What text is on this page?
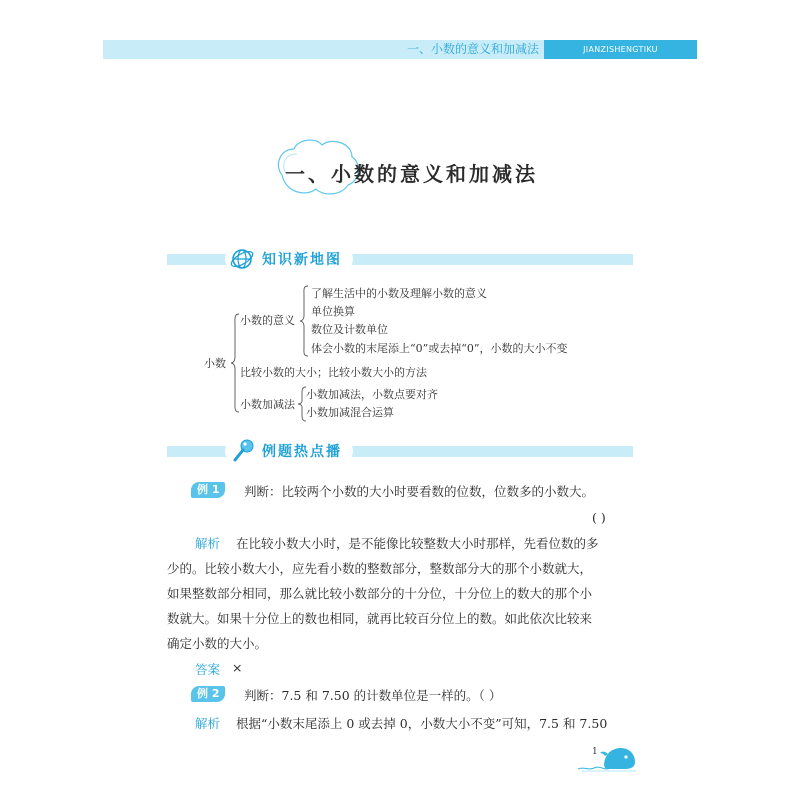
一、小数的意义和加减法	JIANZISHENGTIKU
一、小数的意义和加减法
知识新地图
小数
小数的意义
了解生活中的小数及理解小数的意义
单位换算
数位及计数单位
体会小数的末尾添上“0”或去掉“0”，小数的大小不变
比较小数的大小；比较小数大小的方法
小数加减法
小数加减法，小数点要对齐
小数加减混合运算
例题热点播
例 1	判断：比较两个小数的大小时要看数的位数，位数多的小数大。
( )
解析 在比较小数大小时，是不能像比较整数大小时那样，先看位数的多
少的。比较小数大小，应先看小数的整数部分，整数部分大的那个小数就大，
如果整数部分相同，那么就比较小数部分的十分位，十分位上的数大的那个小
数就大。如果十分位上的数也相同，就再比较百分位上的数。如此依次比较来
确定小数的大小。
答案 ×
例 2	判断：7.5 和 7.50 的计数单位是一样的。（ ）
解析 根据“小数末尾添上 0 或去掉 0，小数大小不变”可知，7.5 和 7.50
1
